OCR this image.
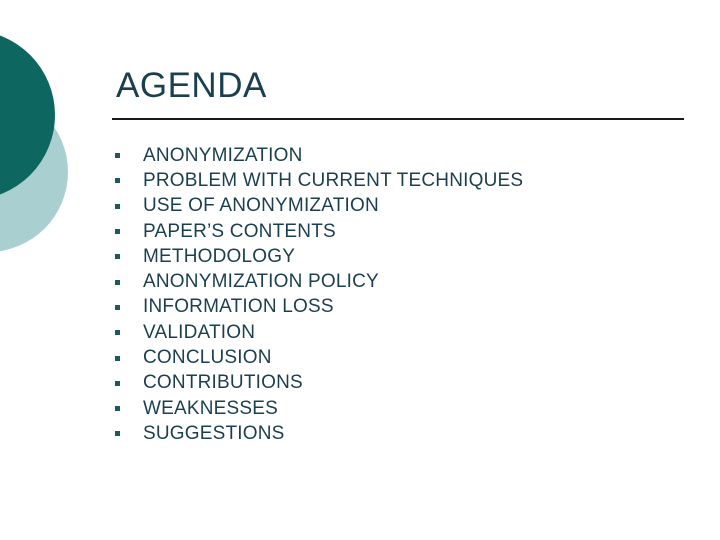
AGENDA
ANONYMIZATION
PROBLEM WITH CURRENT TECHNIQUES
USE OF ANONYMIZATION
PAPER’S CONTENTS
METHODOLOGY
ANONYMIZATION POLICY
INFORMATION LOSS
VALIDATION
CONCLUSION
CONTRIBUTIONS
WEAKNESSES
SUGGESTIONS
